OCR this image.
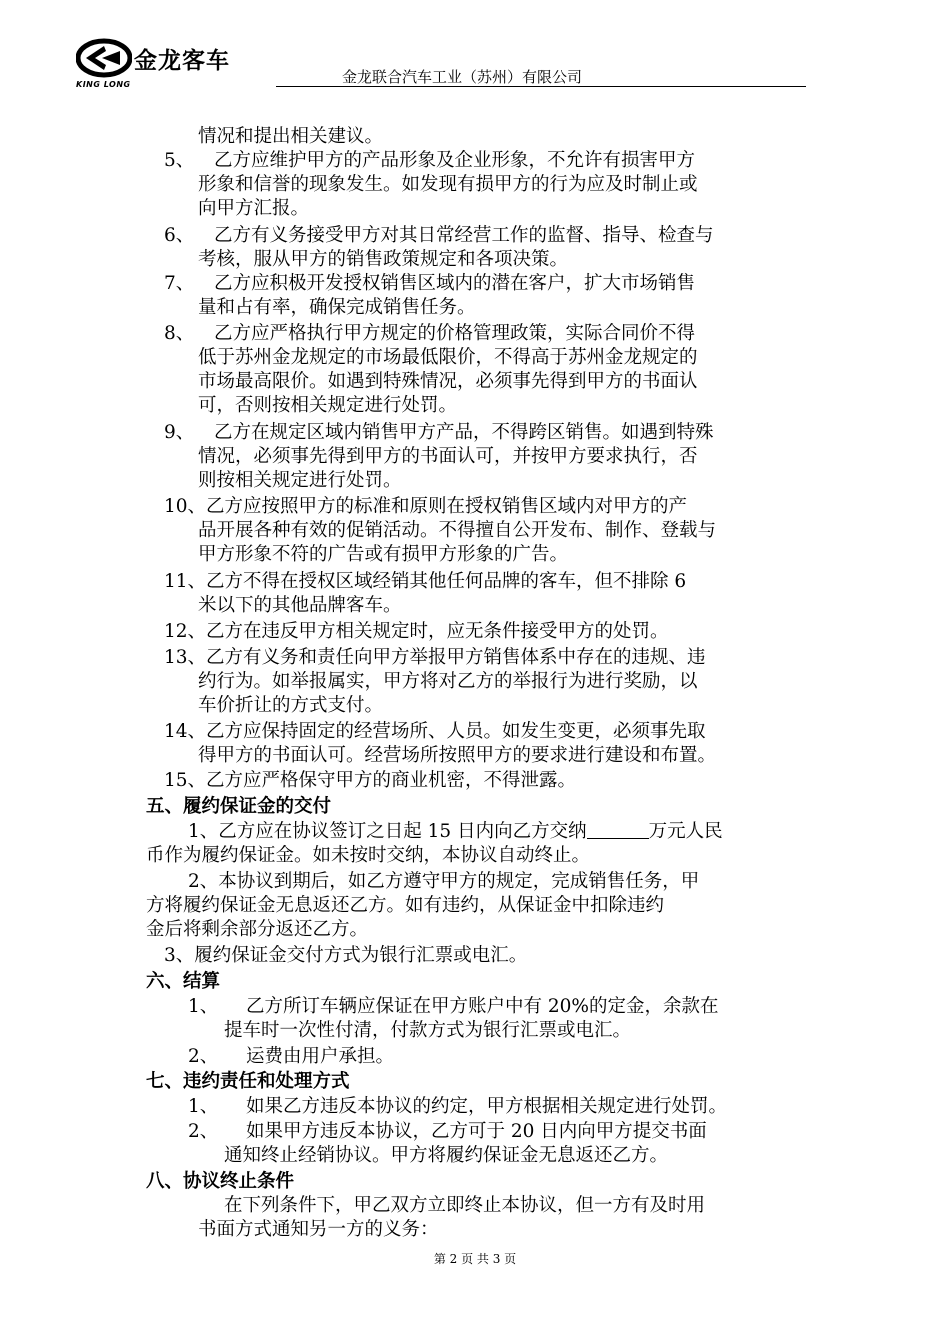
金龙客车
KING LONG	金龙联合汽车工业（苏州）有限公司
情况和提出相关建议。
5、 乙方应维护甲方的产品形象及企业形象，不允许有损害甲方
形象和信誉的现象发生。如发现有损甲方的行为应及时制止或
向甲方汇报。
6、 乙方有义务接受甲方对其日常经营工作的监督、指导、检查与
考核，服从甲方的销售政策规定和各项决策。
7、 乙方应积极开发授权销售区域内的潜在客户，扩大市场销售
量和占有率，确保完成销售任务。
8、 乙方应严格执行甲方规定的价格管理政策，实际合同价不得
低于苏州金龙规定的市场最低限价，不得高于苏州金龙规定的
市场最高限价。如遇到特殊情况，必须事先得到甲方的书面认
可，否则按相关规定进行处罚。
9、 乙方在规定区域内销售甲方产品，不得跨区销售。如遇到特殊
情况，必须事先得到甲方的书面认可，并按甲方要求执行，否
则按相关规定进行处罚。
10、乙方应按照甲方的标准和原则在授权销售区域内对甲方的产
品开展各种有效的促销活动。不得擅自公开发布、制作、登载与
甲方形象不符的广告或有损甲方形象的广告。
11、乙方不得在授权区域经销其他任何品牌的客车，但不排除 6
米以下的其他品牌客车。
12、乙方在违反甲方相关规定时，应无条件接受甲方的处罚。
13、乙方有义务和责任向甲方举报甲方销售体系中存在的违规、违
约行为。如举报属实，甲方将对乙方的举报行为进行奖励，以
车价折让的方式支付。
14、乙方应保持固定的经营场所、人员。如发生变更，必须事先取
得甲方的书面认可。经营场所按照甲方的要求进行建设和布置。
15、乙方应严格保守甲方的商业机密，不得泄露。
五、履约保证金的交付
1、乙方应在协议签订之日起 15 日内向乙方交纳	万元人民
币作为履约保证金。如未按时交纳，本协议自动终止。
2、本协议到期后，如乙方遵守甲方的规定，完成销售任务，甲
方将履约保证金无息返还乙方。如有违约，从保证金中扣除违约
金后将剩余部分返还乙方。
3、履约保证金交付方式为银行汇票或电汇。
六、结算
1、 乙方所订车辆应保证在甲方账户中有 20%的定金，余款在
提车时一次性付清，付款方式为银行汇票或电汇。
2、 运费由用户承担。
七、违约责任和处理方式
1、 如果乙方违反本协议的约定，甲方根据相关规定进行处罚。
2、 如果甲方违反本协议，乙方可于 20 日内向甲方提交书面
通知终止经销协议。甲方将履约保证金无息返还乙方。
八、协议终止条件
在下列条件下，甲乙双方立即终止本协议，但一方有及时用
书面方式通知另一方的义务：
第 2 页 共 3 页
